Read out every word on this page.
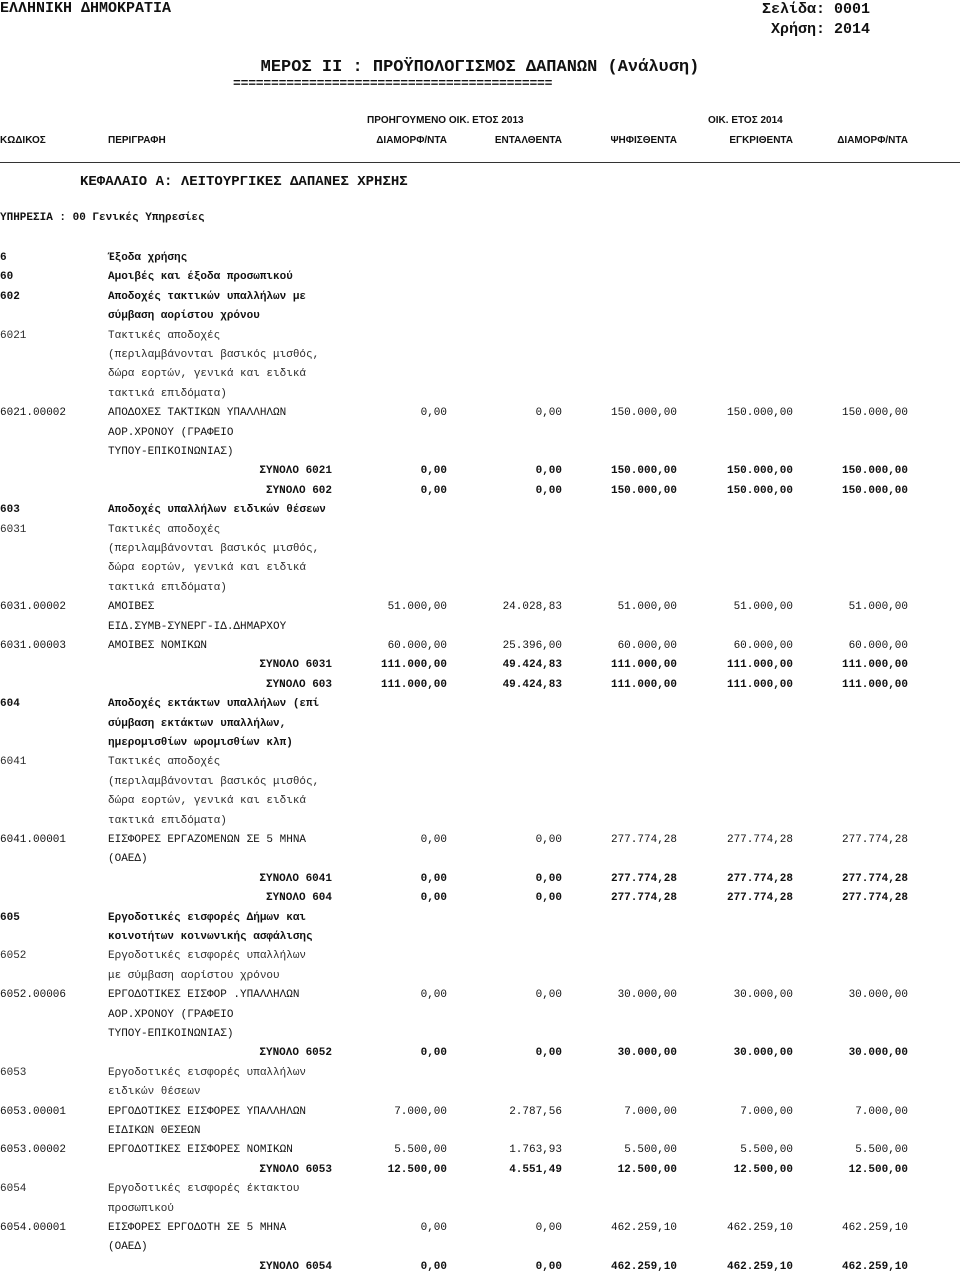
ΕΛΛΗΝΙΚΗ ΔΗΜΟΚΡΑΤΙΑ	Σελίδα: 0001
Χρήση: 2014
ΜΕΡΟΣ ΙΙ : ΠΡΟΫΠΟΛΟΓΙΣΜΟΣ ΔΑΠΑΝΩΝ (Ανάλυση)
==========================================
ΠΡΟΗΓΟΥΜΕΝΟ ΟΙΚ. ΕΤΟΣ 2013	ΟΙΚ. ΕΤΟΣ 2014
ΚΩΔΙΚΟΣ	ΠΕΡΙΓΡΑΦΗ	ΔΙΑΜΟΡΦ/ΝΤΑ	ΕΝΤΑΛΘΕΝΤΑ	ΨΗΦΙΣΘΕΝΤΑ	ΕΓΚΡΙΘΕΝΤΑ	ΔΙΑΜΟΡΦ/ΝΤΑ
ΚΕΦΑΛΑΙΟ Α: ΛΕΙΤΟΥΡΓΙΚΕΣ ΔΑΠΑΝΕΣ ΧΡΗΣΗΣ
ΥΠΗΡΕΣΙΑ : 00 Γενικές Υπηρεσίες
6	Έξοδα χρήσης
60	Αμοιβές και έξοδα προσωπικού
602	Αποδοχές τακτικών υπαλλήλων με
σύμβαση αορίστου χρόνου
6021	Τακτικές αποδοχές
(περιλαμβάνονται βασικός μισθός,
δώρα εορτών, γενικά και ειδικά
τακτικά επιδόματα)
6021.00002	ΑΠΟΔΟΧΕΣ ΤΑΚΤΙΚΩΝ ΥΠΑΛΛΗΛΩΝ	0,00	0,00	150.000,00	150.000,00	150.000,00
ΑΟΡ.ΧΡΟΝΟΥ (ΓΡΑΦΕΙΟ
ΤΥΠΟΥ-ΕΠΙΚΟΙΝΩΝΙΑΣ)
ΣΥΝΟΛΟ 6021	0,00	0,00	150.000,00	150.000,00	150.000,00
ΣΥΝΟΛΟ 602	0,00	0,00	150.000,00	150.000,00	150.000,00
603	Αποδοχές υπαλλήλων ειδικών θέσεων
6031	Τακτικές αποδοχές
(περιλαμβάνονται βασικός μισθός,
δώρα εορτών, γενικά και ειδικά
τακτικά επιδόματα)
6031.00002	ΑΜΟΙΒΕΣ	51.000,00	24.028,83	51.000,00	51.000,00	51.000,00
ΕΙΔ.ΣΥΜΒ-ΣΥΝΕΡΓ-ΙΔ.ΔΗΜΑΡΧΟΥ
6031.00003	ΑΜΟΙΒΕΣ ΝΟΜΙΚΩΝ	60.000,00	25.396,00	60.000,00	60.000,00	60.000,00
ΣΥΝΟΛΟ 6031	111.000,00	49.424,83	111.000,00	111.000,00	111.000,00
ΣΥΝΟΛΟ 603	111.000,00	49.424,83	111.000,00	111.000,00	111.000,00
604	Αποδοχές εκτάκτων υπαλλήλων (επί
σύμβαση εκτάκτων υπαλλήλων,
ημερομισθίων ωρομισθίων κλπ)
6041	Τακτικές αποδοχές
(περιλαμβάνονται βασικός μισθός,
δώρα εορτών, γενικά και ειδικά
τακτικά επιδόματα)
6041.00001	ΕΙΣΦΟΡΕΣ ΕΡΓΑΖΟΜΕΝΩΝ ΣΕ 5 ΜΗΝΑ	0,00	0,00	277.774,28	277.774,28	277.774,28
(ΟΑΕΔ)
ΣΥΝΟΛΟ 6041	0,00	0,00	277.774,28	277.774,28	277.774,28
ΣΥΝΟΛΟ 604	0,00	0,00	277.774,28	277.774,28	277.774,28
605	Εργοδοτικές εισφορές Δήμων και
κοινοτήτων κοινωνικής ασφάλισης
6052	Εργοδοτικές εισφορές υπαλλήλων
με σύμβαση αορίστου χρόνου
6052.00006	ΕΡΓΟΔΟΤΙΚΕΣ ΕΙΣΦΟΡ .ΥΠΑΛΛΗΛΩΝ	0,00	0,00	30.000,00	30.000,00	30.000,00
ΑΟΡ.ΧΡΟΝΟΥ (ΓΡΑΦΕΙΟ
ΤΥΠΟΥ-ΕΠΙΚΟΙΝΩΝΙΑΣ)
ΣΥΝΟΛΟ 6052	0,00	0,00	30.000,00	30.000,00	30.000,00
6053	Εργοδοτικές εισφορές υπαλλήλων
ειδικών θέσεων
6053.00001	ΕΡΓΟΔΟΤΙΚΕΣ ΕΙΣΦΟΡΕΣ ΥΠΑΛΛΗΛΩΝ	7.000,00	2.787,56	7.000,00	7.000,00	7.000,00
ΕΙΔΙΚΩΝ ΘΕΣΕΩΝ
6053.00002	ΕΡΓΟΔΟΤΙΚΕΣ ΕΙΣΦΟΡΕΣ ΝΟΜΙΚΩΝ	5.500,00	1.763,93	5.500,00	5.500,00	5.500,00
ΣΥΝΟΛΟ 6053	12.500,00	4.551,49	12.500,00	12.500,00	12.500,00
6054	Εργοδοτικές εισφορές έκτακτου
προσωπικού
6054.00001	ΕΙΣΦΟΡΕΣ ΕΡΓΟΔΟΤΗ ΣΕ 5 ΜΗΝΑ	0,00	0,00	462.259,10	462.259,10	462.259,10
(ΟΑΕΔ)
ΣΥΝΟΛΟ 6054	0,00	0,00	462.259,10	462.259,10	462.259,10
